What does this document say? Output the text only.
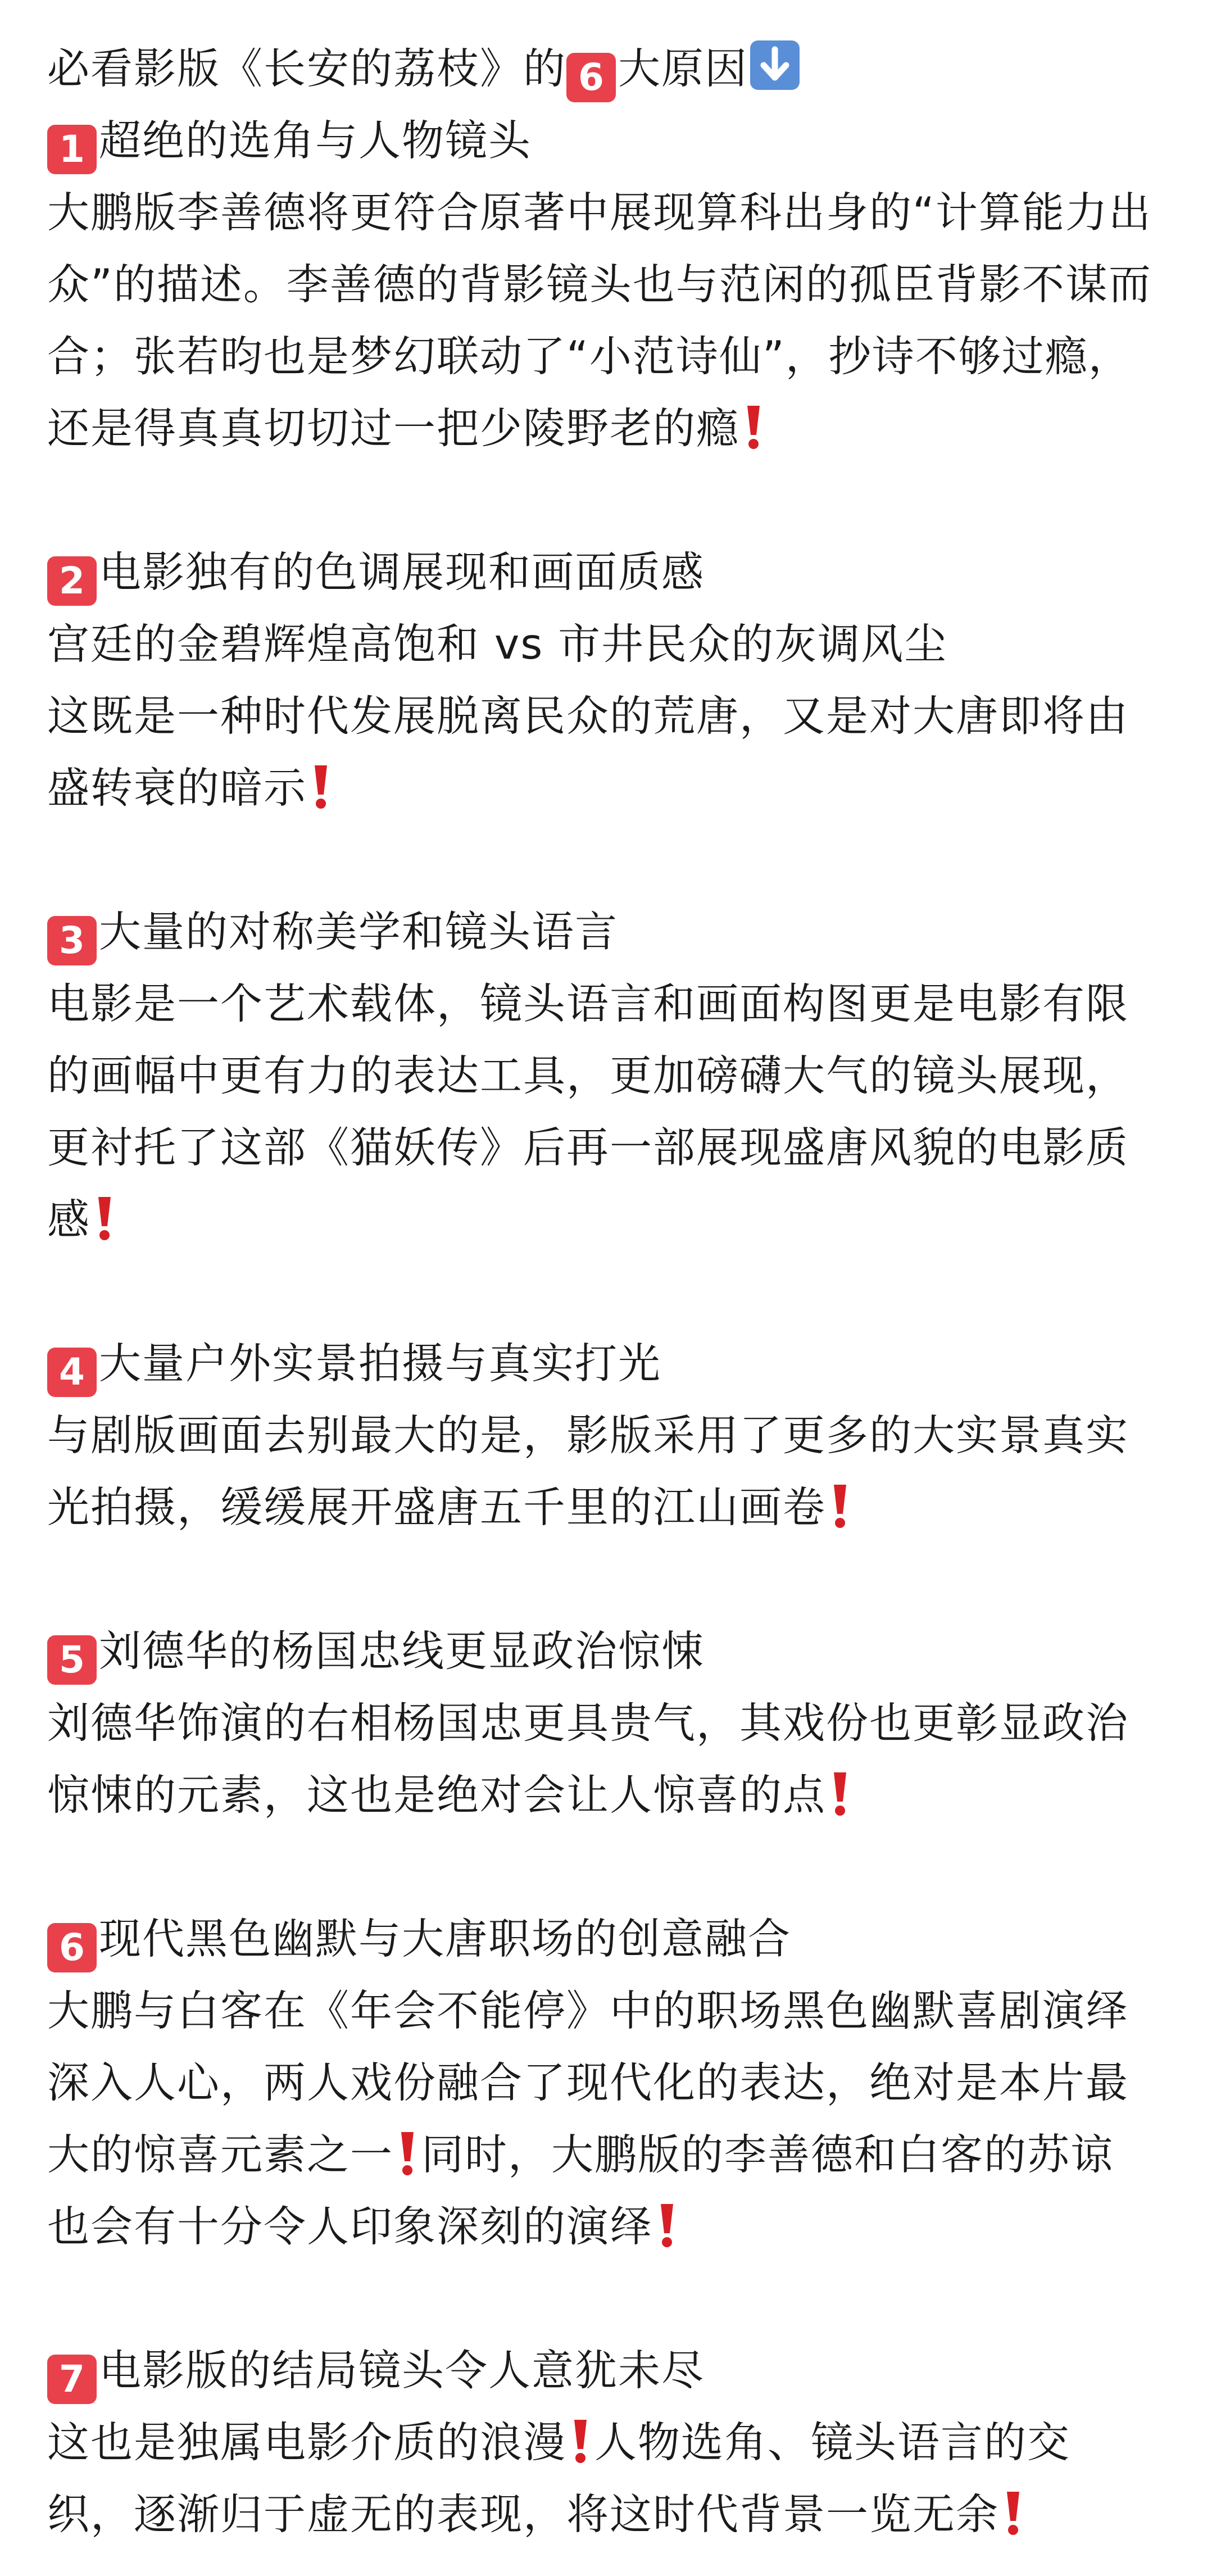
必看影版《长安的荔枝》的 6 大原因
1 超绝的选角与人物镜头
大鹏版李善德将更符合原著中展现算科出身的“计算能力出
众”的描述。李善德的背影镜头也与范闲的孤臣背影不谋而
合；张若昀也是梦幻联动了“小范诗仙”，抄诗不够过瘾，
还是得真真切切过一把少陵野老的瘾
2 电影独有的色调展现和画面质感
宫廷的金碧辉煌高饱和 vs 市井民众的灰调风尘
这既是一种时代发展脱离民众的荒唐，又是对大唐即将由
盛转衰的暗示
3 大量的对称美学和镜头语言
电影是一个艺术载体，镜头语言和画面构图更是电影有限
的画幅中更有力的表达工具，更加磅礴大气的镜头展现，
更衬托了这部《猫妖传》后再一部展现盛唐风貌的电影质
感
4 大量户外实景拍摄与真实打光
与剧版画面去别最大的是，影版采用了更多的大实景真实
光拍摄，缓缓展开盛唐五千里的江山画卷
5 刘德华的杨国忠线更显政治惊悚
刘德华饰演的右相杨国忠更具贵气，其戏份也更彰显政治
惊悚的元素，这也是绝对会让人惊喜的点
6 现代黑色幽默与大唐职场的创意融合
大鹏与白客在《年会不能停》中的职场黑色幽默喜剧演绎
深入人心，两人戏份融合了现代化的表达，绝对是本片最
大的惊喜元素之一 同时，大鹏版的李善德和白客的苏谅
也会有十分令人印象深刻的演绎
7 电影版的结局镜头令人意犹未尽
这也是独属电影介质的浪漫 人物选角、镜头语言的交
织，逐渐归于虚无的表现，将这时代背景一览无余
